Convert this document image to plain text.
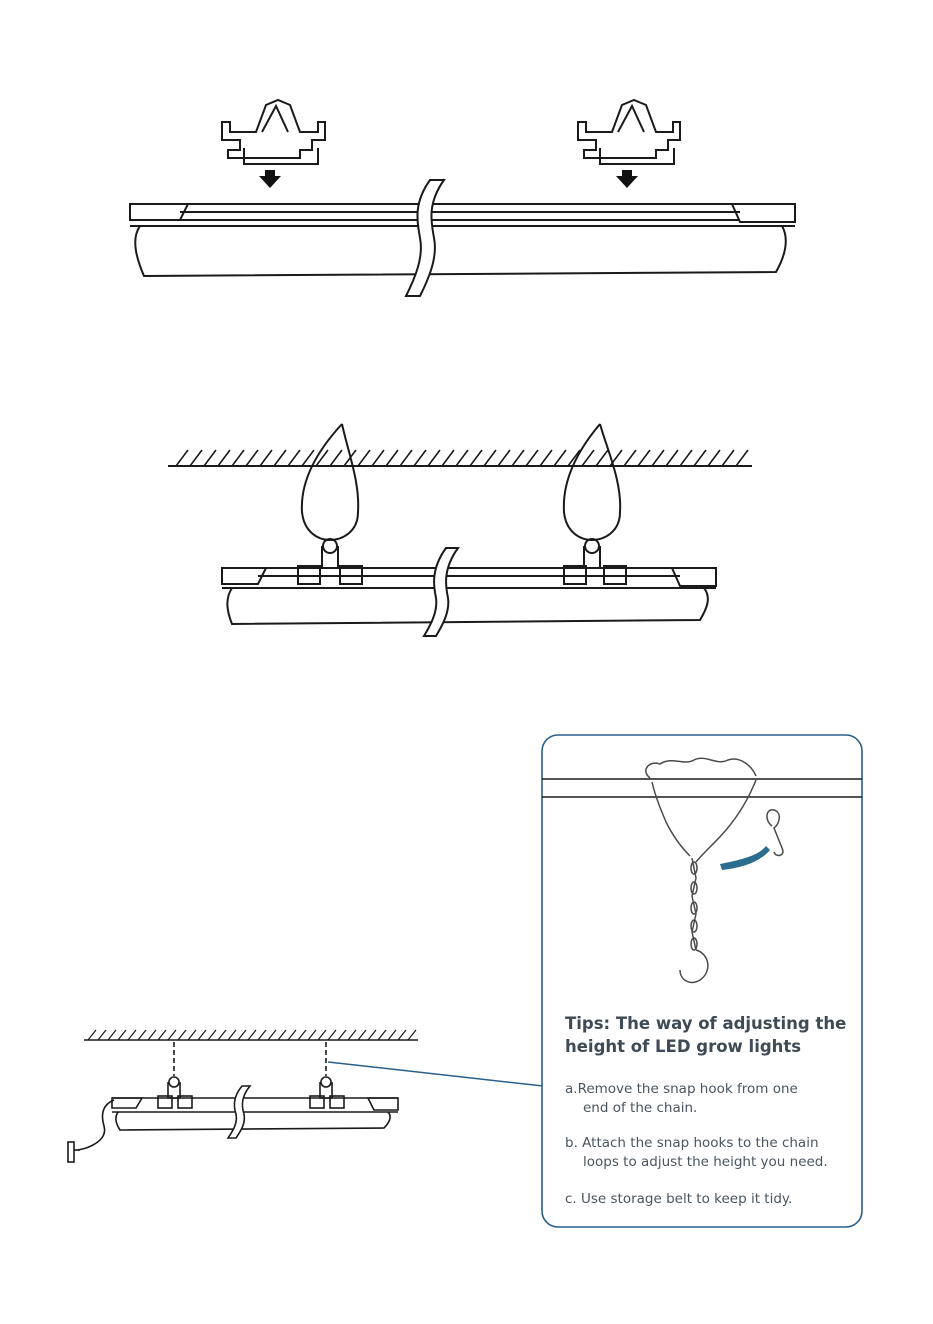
Tips: The way of adjusting the height of LED grow lights
a.Remove the snap hook from one
end of the chain.
b. Attach the snap hooks to the chain
loops to adjust the height you need.
c. Use storage belt to keep it tidy.
